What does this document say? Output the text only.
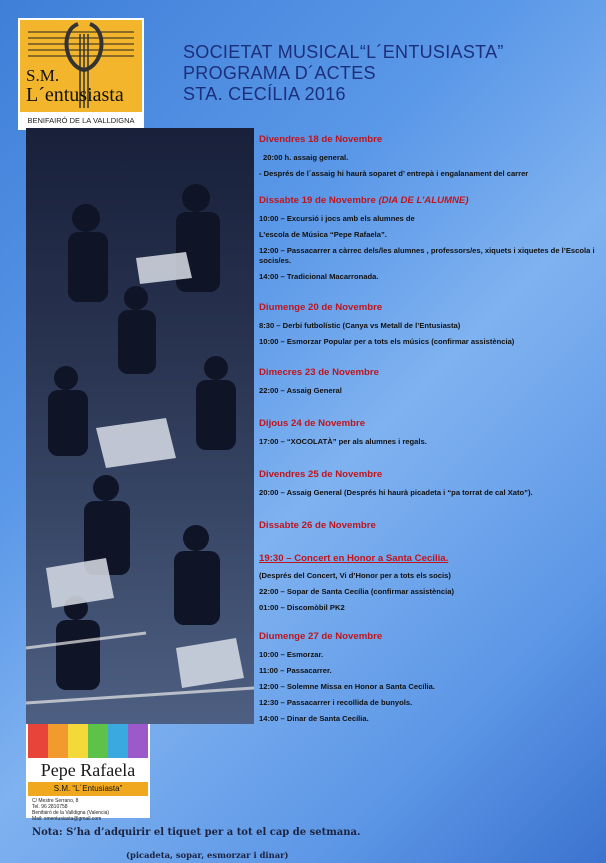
S.M.
L´entusiasta
BENIFAIRÓ DE LA VALLDIGNA
SOCIETAT MUSICAL“L´ENTUSIASTA”
PROGRAMA D´ACTES
STA. CECÍLIA 2016
Divendres 18 de Novembre
20:00 h. assaig general.
- Després de l´assaig hi haurà soparet d’ entrepà i engalanament del carrer
Dissabte 19 de Novembre (DIA DE L’ALUMNE)
10:00 – Excursió i jocs amb els alumnes de
L’escola de Música “Pepe Rafaela”.
12:00 – Passacarrer a càrrec dels/les alumnes , professors/es, xiquets i xiquetes de l’Escola i socis/es.
14:00 – Tradicional Macarronada.
Diumenge 20 de Novembre
8:30 – Derbi futbolístic (Canya vs Metall de l’Entusiasta)
10:00 – Esmorzar Popular per a tots els músics (confirmar assistència)
Dimecres 23 de Novembre
22:00 – Assaig General
Dijous 24 de Novembre
17:00 – “XOCOLATÀ” per als alumnes i regals.
Divendres 25 de Novembre
20:00 – Assaig General (Després hi haurà picadeta i “pa torrat de cal Xato”).
Dissabte 26 de Novembre
19:30 – Concert en Honor a Santa Cecília.
(Després del Concert, Vi d’Honor per a tots els socis)
22:00 – Sopar de Santa Cecília (confirmar assistència)
01:00 – Discomòbil PK2
Diumenge 27 de Novembre
10:00 – Esmorzar.
11:00 – Passacarrer.
12:00 – Solemne Missa en Honor a Santa Cecília.
12:30 – Passacarrer i recollida de bunyols.
14:00 – Dinar de Santa Cecília.
Pepe Rafaela
S.M. “L´Entusiasta”
C/ Mestre Serrano, 8
Tel. 96 2810758
Benifairó de la Valldigna (Valencia)
Mail: smentusiasta@gmail.com
Nota: S’ha d’adquirir el tiquet per a tot el cap de setmana.
(picadeta, sopar, esmorzar i dinar)
